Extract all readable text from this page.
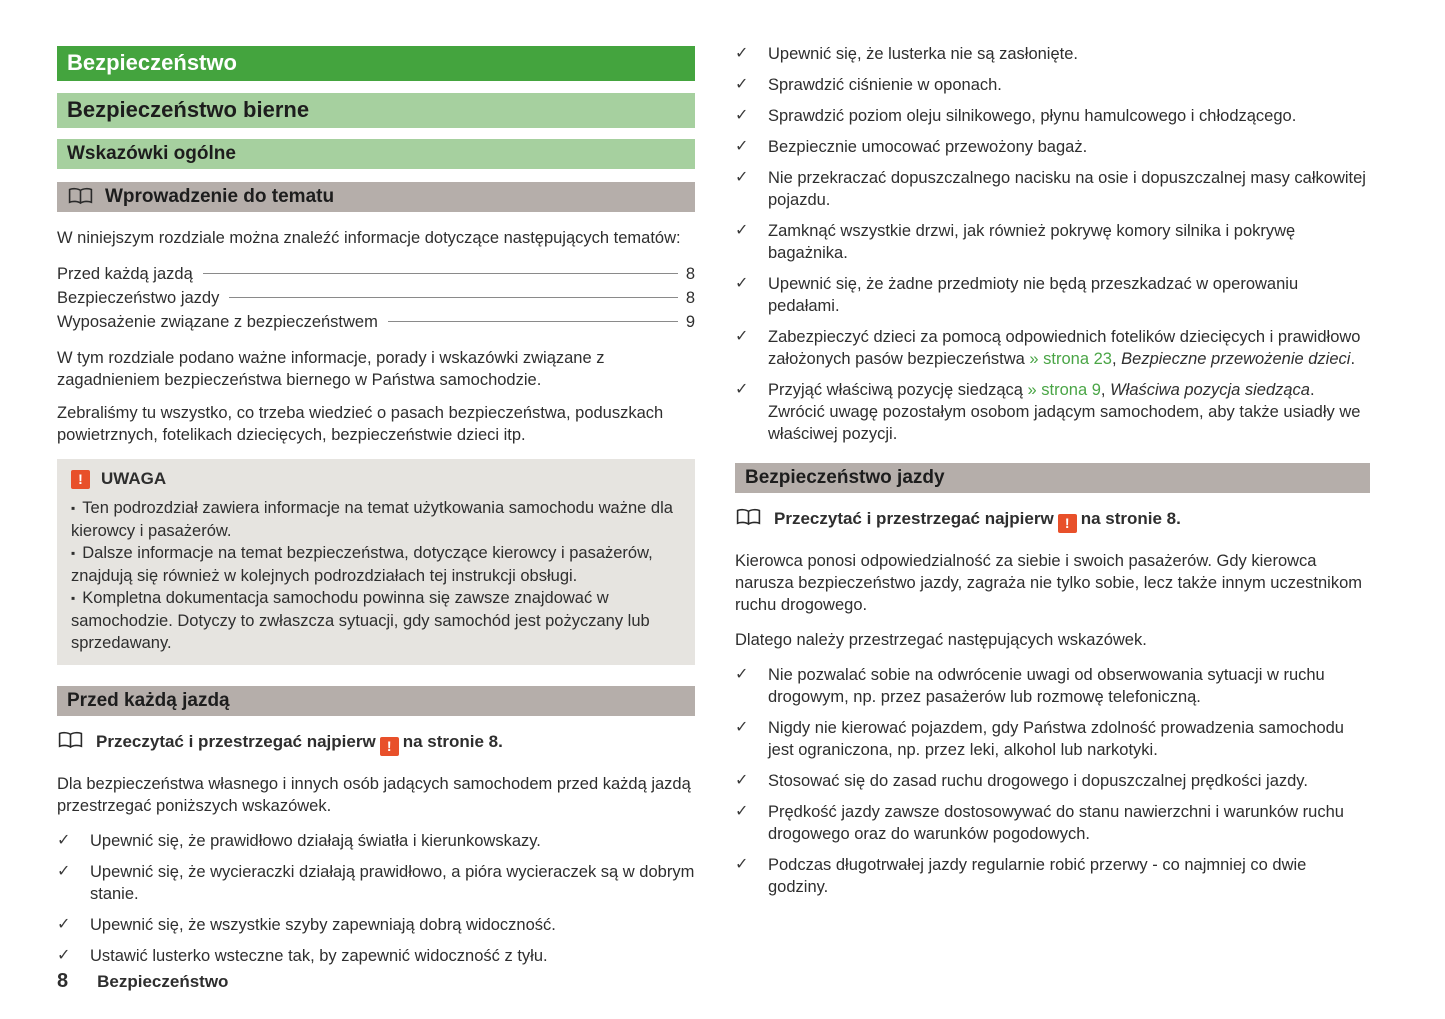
Bezpieczeństwo
Bezpieczeństwo bierne
Wskazówki ogólne
Wprowadzenie do tematu

W niniejszym rozdziale można znaleźć informacje dotyczące następujących tematów:

Przed każdą jazdą	8
Bezpieczeństwo jazdy	8
Wyposażenie związane z bezpieczeństwem	9

W tym rozdziale podano ważne informacje, porady i wskazówki związane z zagadnieniem bezpieczeństwa biernego w Państwa samochodzie.

Zebraliśmy tu wszystko, co trzeba wiedzieć o pasach bezpieczeństwa, poduszkach powietrznych, fotelikach dziecięcych, bezpieczeństwie dzieci itp.

!	UWAGA

▪ Ten podrozdział zawiera informacje na temat użytkowania samochodu ważne dla kierowcy i pasażerów.

▪ Dalsze informacje na temat bezpieczeństwa, dotyczące kierowcy i pasażerów, znajdują się również w kolejnych podrozdziałach tej instrukcji obsługi.

▪ Kompletna dokumentacja samochodu powinna się zawsze znajdować w samochodzie. Dotyczy to zwłaszcza sytuacji, gdy samochód jest pożyczany lub sprzedawany.

Przed każdą jazdą
Przeczytać i przestrzegać najpierw ! na stronie 8.

Dla bezpieczeństwa własnego i innych osób jadących samochodem przed każdą jazdą przestrzegać poniższych wskazówek.

✓	Upewnić się, że prawidłowo działają światła i kierunkowskazy.
✓	Upewnić się, że wycieraczki działają prawidłowo, a pióra wycieraczek są w dobrym stanie.
✓	Upewnić się, że wszystkie szyby zapewniają dobrą widoczność.
✓	Ustawić lusterko wsteczne tak, by zapewnić widoczność z tyłu.
✓	Upewnić się, że lusterka nie są zasłonięte.
✓	Sprawdzić ciśnienie w oponach.
✓	Sprawdzić poziom oleju silnikowego, płynu hamulcowego i chłodzącego.
✓	Bezpiecznie umocować przewożony bagaż.
✓	Nie przekraczać dopuszczalnego nacisku na osie i dopuszczalnej masy całkowitej pojazdu.
✓	Zamknąć wszystkie drzwi, jak również pokrywę komory silnika i pokrywę bagażnika.
✓	Upewnić się, że żadne przedmioty nie będą przeszkadzać w operowaniu pedałami.
✓	Zabezpieczyć dzieci za pomocą odpowiednich fotelików dziecięcych i prawidłowo założonych pasów bezpieczeństwa » strona 23, Bezpieczne przewożenie dzieci.
✓	Przyjąć właściwą pozycję siedzącą » strona 9, Właściwa pozycja siedząca. Zwrócić uwagę pozostałym osobom jadącym samochodem, aby także usiadły we właściwej pozycji.
Bezpieczeństwo jazdy
Przeczytać i przestrzegać najpierw ! na stronie 8.

Kierowca ponosi odpowiedzialność za siebie i swoich pasażerów. Gdy kierowca narusza bezpieczeństwo jazdy, zagraża nie tylko sobie, lecz także innym uczestnikom ruchu drogowego.

Dlatego należy przestrzegać następujących wskazówek.

✓	Nie pozwalać sobie na odwrócenie uwagi od obserwowania sytuacji w ruchu drogowym, np. przez pasażerów lub rozmowę telefoniczną.
✓	Nigdy nie kierować pojazdem, gdy Państwa zdolność prowadzenia samochodu jest ograniczona, np. przez leki, alkohol lub narkotyki.
✓	Stosować się do zasad ruchu drogowego i dopuszczalnej prędkości jazdy.
✓	Prędkość jazdy zawsze dostosowywać do stanu nawierzchni i warunków ruchu drogowego oraz do warunków pogodowych.
✓	Podczas długotrwałej jazdy regularnie robić przerwy - co najmniej co dwie godziny.
8 Bezpieczeństwo
